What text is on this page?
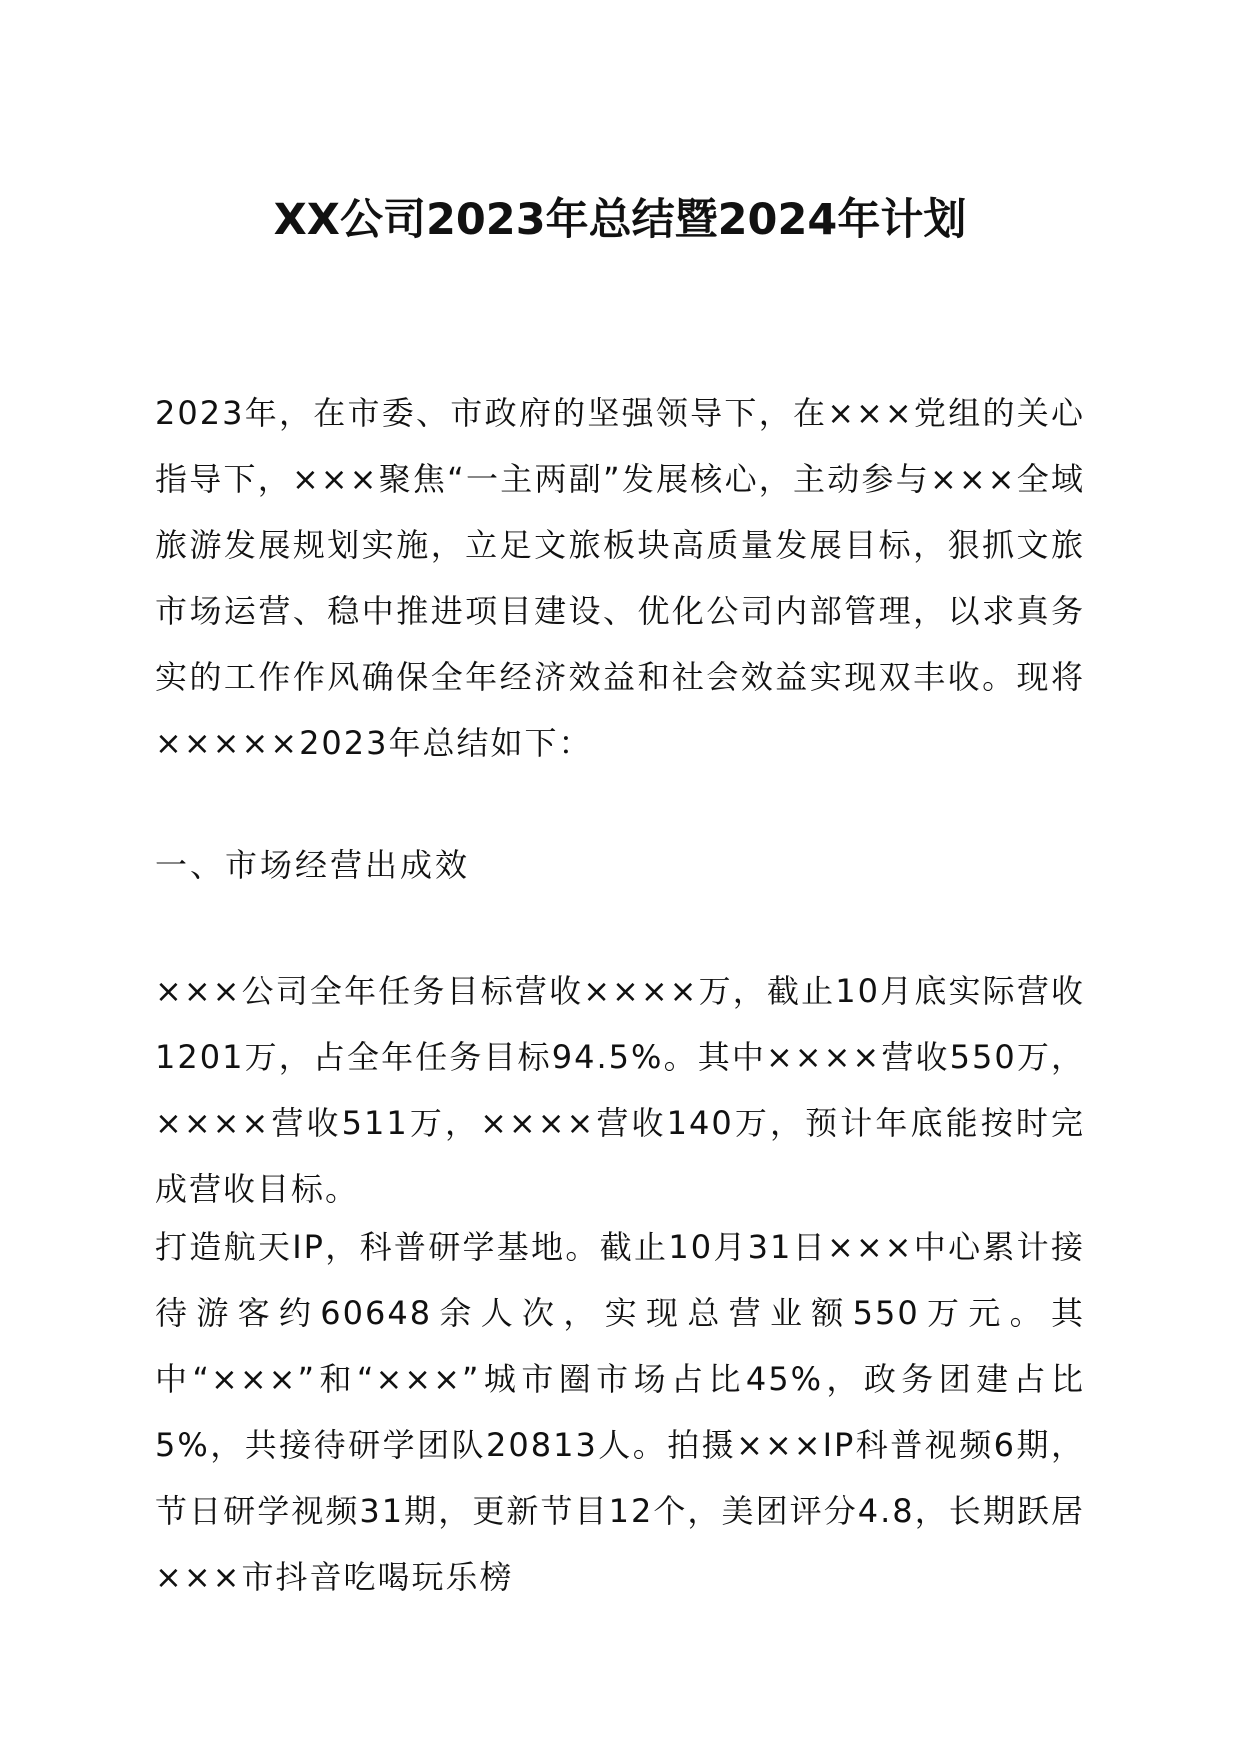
XX公司2023年总结暨2024年计划

2023年，在市委、市政府的坚强领导下，在×××党组的关心指导下，×××聚焦“一主两副”发展核心，主动参与×××全域旅游发展规划实施，立足文旅板块高质量发展目标，狠抓文旅市场运营、稳中推进项目建设、优化公司内部管理，以求真务实的工作作风确保全年经济效益和社会效益实现双丰收。现将×××××2023年总结如下：

一、市场经营出成效

×××公司全年任务目标营收××××万，截止10月底实际营收1201万，占全年任务目标94.5%。其中××××营收550万，××××营收511万，××××营收140万，预计年底能按时完成营收目标。

打造航天IP，科普研学基地。截止10月31日×××中心累计接待游客约60648余人次，实现总营业额550万元。其中“×××”和“×××”城市圈市场占比45%，政务团建占比5%，共接待研学团队20813人。拍摄×××IP科普视频6期，节日研学视频31期，更新节目12个，美团评分4.8，长期跃居×××市抖音吃喝玩乐榜
